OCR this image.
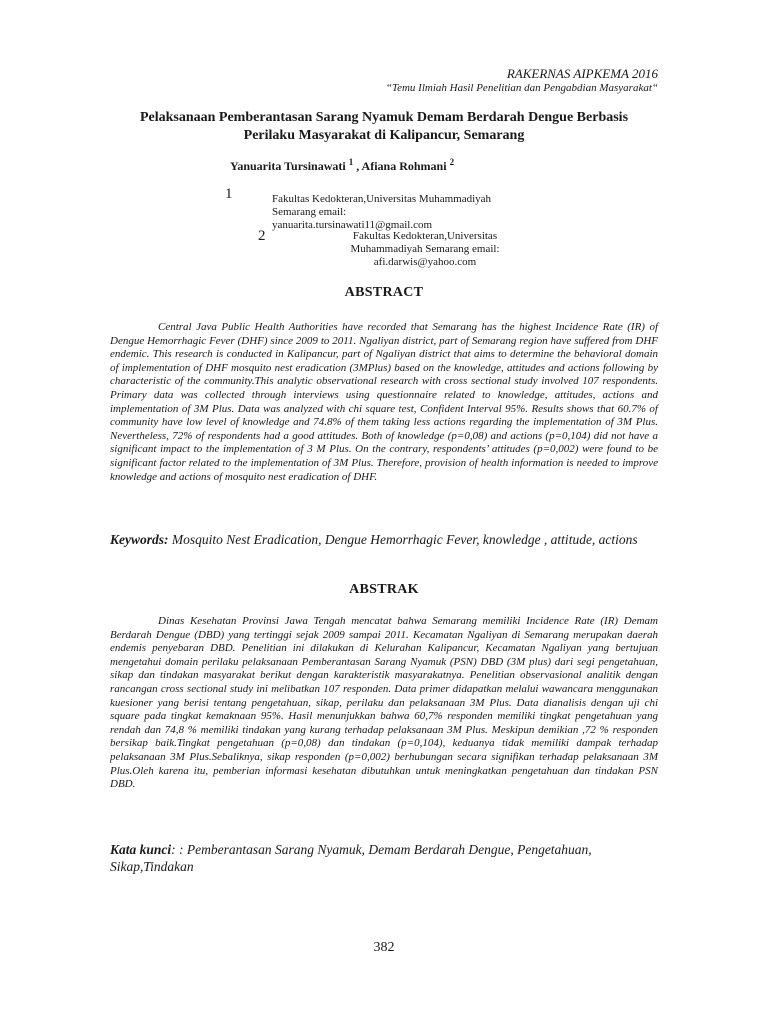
RAKERNAS AIPKEMA 2016
“Temu Ilmiah Hasil Penelitian dan Pengabdian Masyarakat“
Pelaksanaan Pemberantasan Sarang Nyamuk Demam Berdarah Dengue Berbasis
Perilaku Masyarakat di Kalipancur, Semarang
Yanuarita Tursinawati $^1$ , Afiana Rohmani $^2$
1	Fakultas Kedokteran,Universitas Muhammadiyah
Semarang email:
yanuarita.tursinawati11@gmail.com
2	Fakultas Kedokteran,Universitas
Muhammadiyah Semarang email:
afi.darwis@yahoo.com
ABSTRACT
Central Java Public Health Authorities have recorded that Semarang has the highest Incidence Rate (IR) of Dengue Hemorrhagic Fever (DHF) since 2009 to 2011. Ngaliyan district, part of Semarang region have suffered from DHF endemic. This research is conducted in Kalipancur, part of Ngaliyan district that aims to determine the behavioral domain of implementation of DHF mosquito nest eradication (3MPlus) based on the knowledge, attitudes and actions following by characteristic of the community.This analytic observational research with cross sectional study involved 107 respondents. Primary data was collected through interviews using questionnaire related to knowledge, attitudes, actions and implementation of 3M Plus. Data was analyzed with chi square test, Confident Interval 95%. Results shows that 60.7% of community have low level of knowledge and 74.8% of them taking less actions regarding the implementation of 3M Plus. Nevertheless, 72% of respondents had a good attitudes. Both of knowledge (p=0,08) and actions (p=0,104) did not have a significant impact to the implementation of 3 M Plus. On the contrary, respondents’ attitudes (p=0,002) were found to be significant factor related to the implementation of 3M Plus. Therefore, provision of health information is needed to improve knowledge and actions of mosquito nest eradication of DHF.
Keywords: Mosquito Nest Eradication, Dengue Hemorrhagic Fever, knowledge , attitude, actions
ABSTRAK
Dinas Kesehatan Provinsi Jawa Tengah mencatat bahwa Semarang memiliki Incidence Rate (IR) Demam Berdarah Dengue (DBD) yang tertinggi sejak 2009 sampai 2011. Kecamatan Ngaliyan di Semarang merupakan daerah endemis penyebaran DBD. Penelitian ini dilakukan di Kelurahan Kalipancur, Kecamatan Ngaliyan yang bertujuan mengetahui domain perilaku pelaksanaan Pemberantasan Sarang Nyamuk (PSN) DBD (3M plus) dari segi pengetahuan, sikap dan tindakan masyarakat berikut dengan karakteristik masyarakatnya. Penelitian observasional analitik dengan rancangan cross sectional study ini melibatkan 107 responden. Data primer didapatkan melalui wawancara menggunakan kuesioner yang berisi tentang pengetahuan, sikap, perilaku dan pelaksanaan 3M Plus. Data dianalisis dengan uji chi square pada tingkat kemaknaan 95%. Hasil menunjukkan bahwa 60,7% responden memiliki tingkat pengetahuan yang rendah dan 74,8 % memiliki tindakan yang kurang terhadap pelaksanaan 3M Plus. Meskipun demikian ,72 % responden bersikap baik.Tingkat pengetahuan (p=0,08) dan tindakan (p=0,104), keduanya tidak memiliki dampak terhadap pelaksanaan 3M Plus.Sebaliknya, sikap responden (p=0,002) berhubungan secara signifikan terhadap pelaksanaan 3M Plus.Oleh karena itu, pemberian informasi kesehatan dibutuhkan untuk meningkatkan pengetahuan dan tindakan PSN DBD.
Kata kunci: : Pemberantasan Sarang Nyamuk, Demam Berdarah Dengue, Pengetahuan, Sikap,Tindakan
382
